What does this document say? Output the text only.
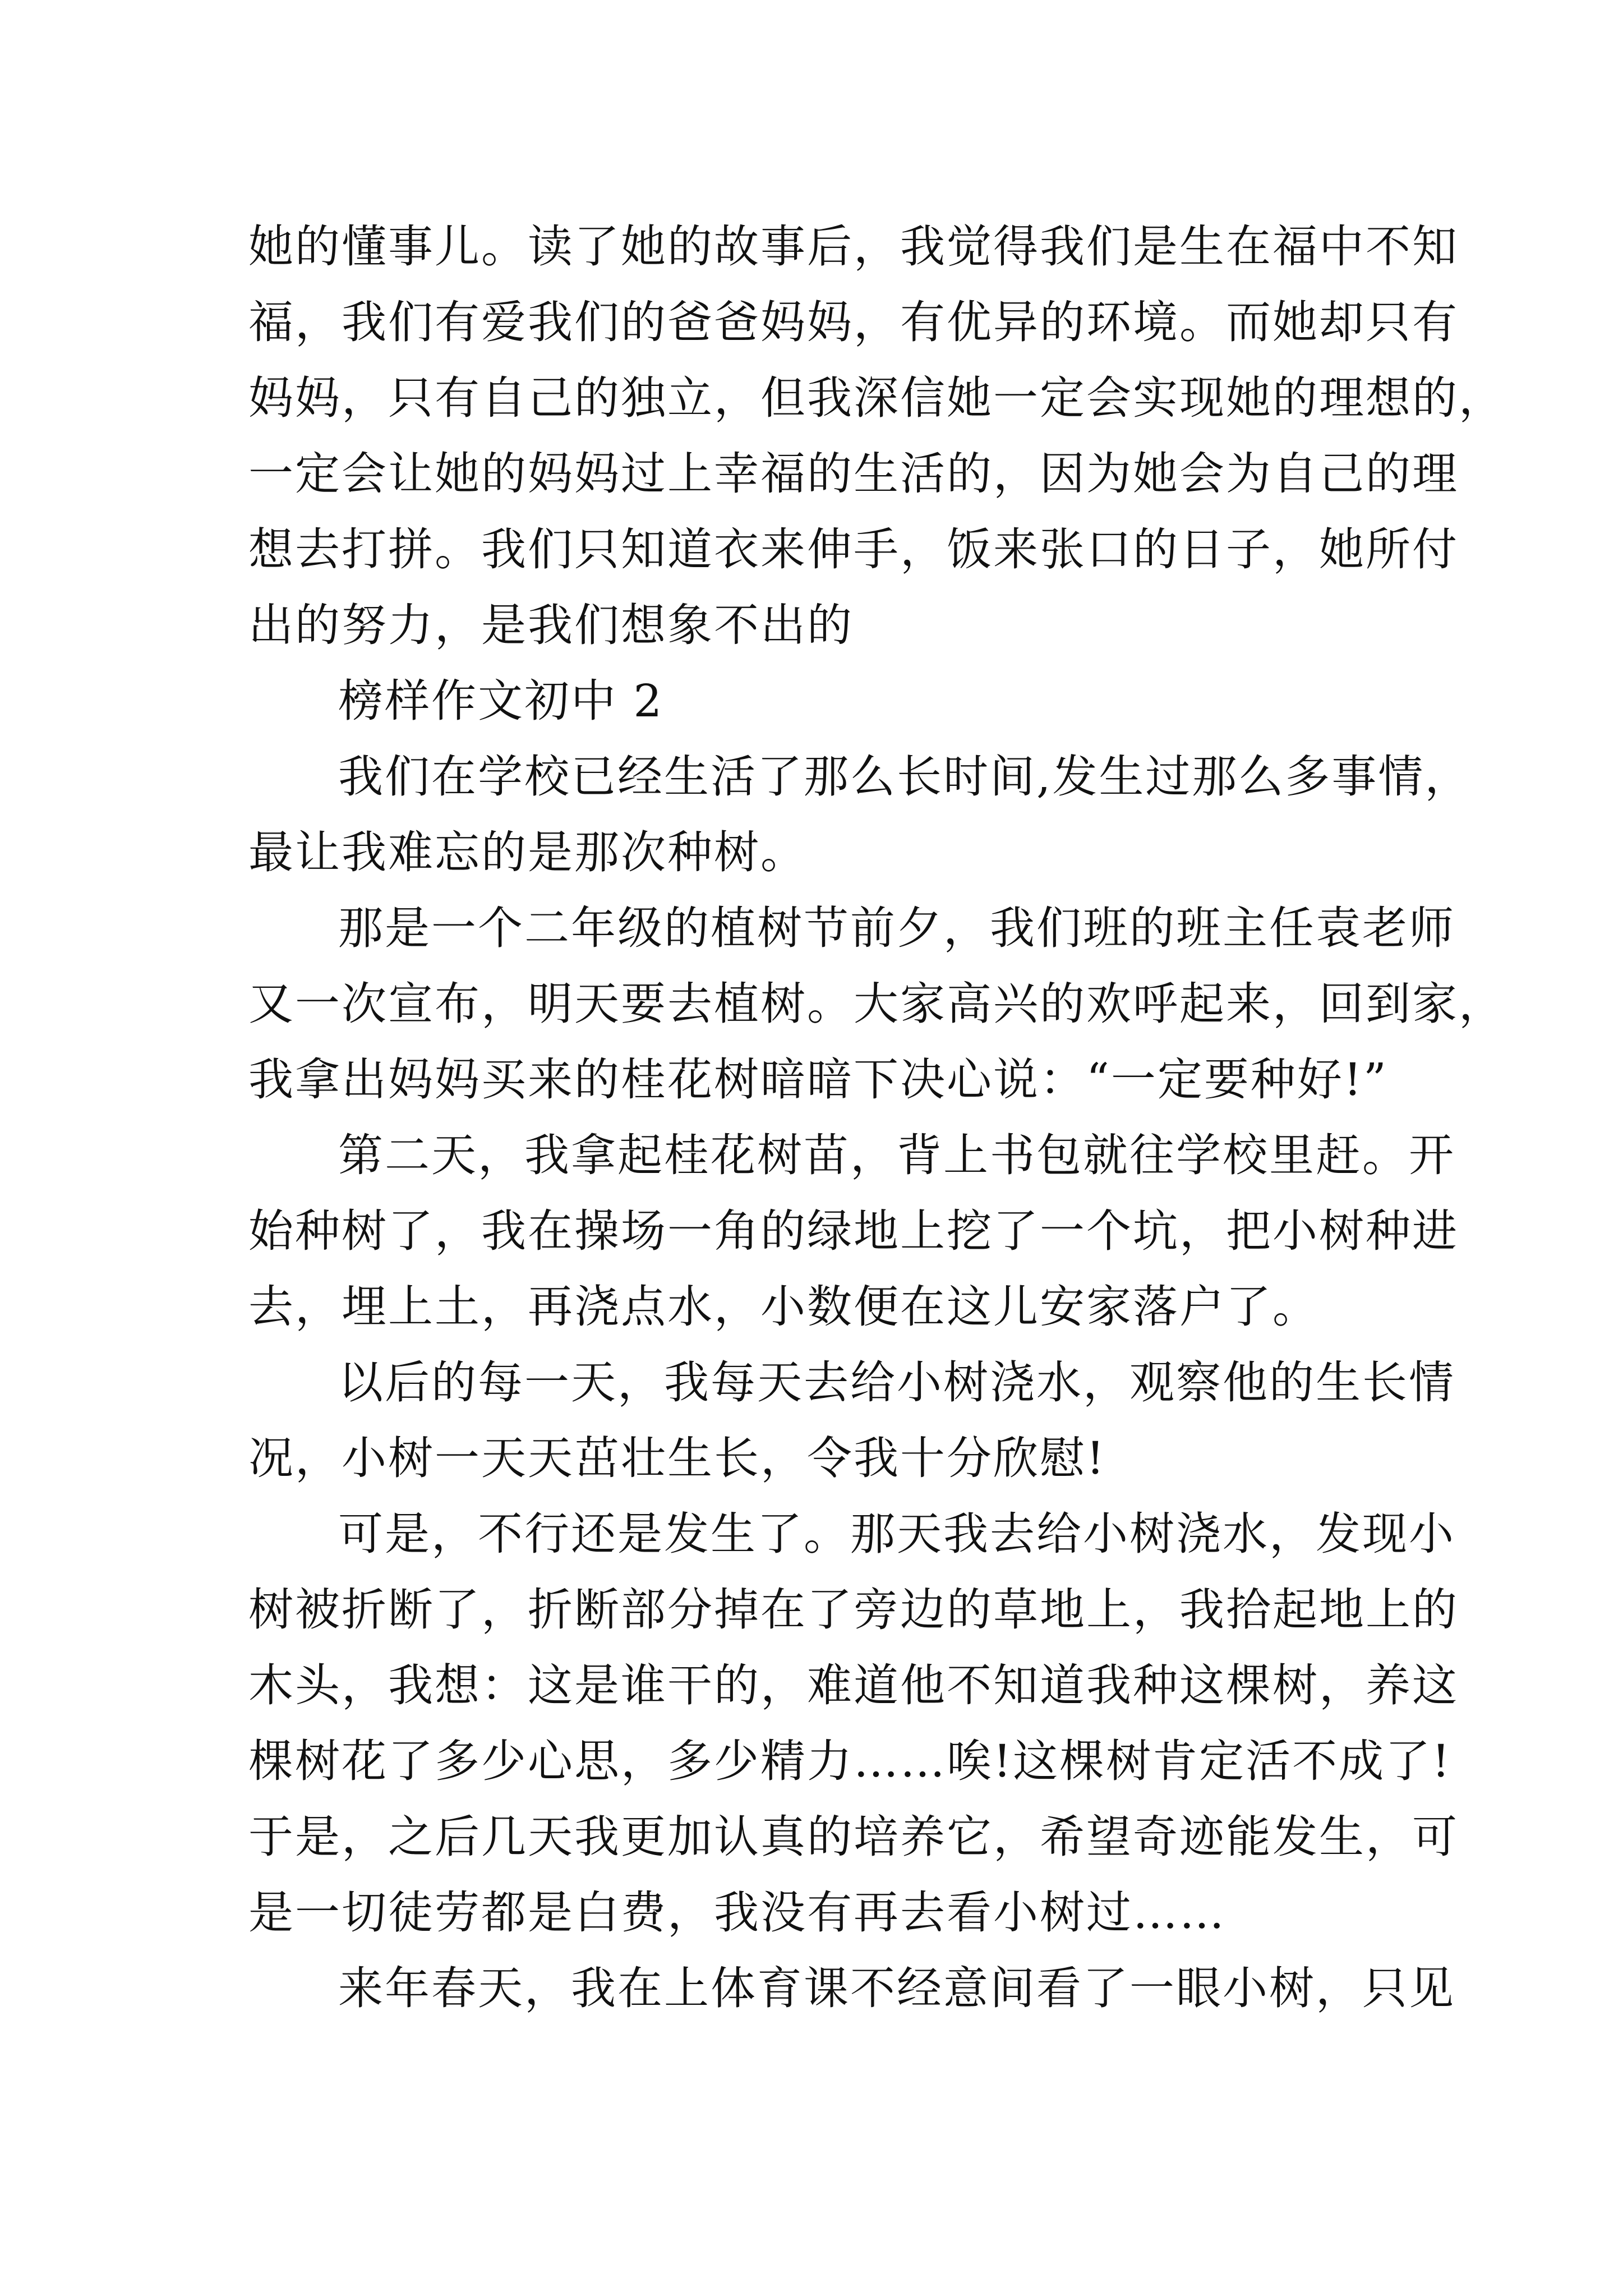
她的懂事儿。读了她的故事后，我觉得我们是生在福中不知
福，我们有爱我们的爸爸妈妈，有优异的环境。而她却只有
妈妈，只有自己的独立，但我深信她一定会实现她的理想的，
一定会让她的妈妈过上幸福的生活的，因为她会为自己的理
想去打拼。我们只知道衣来伸手，饭来张口的日子，她所付
出的努力，是我们想象不出的
榜样作文初中 2
我们在学校已经生活了那么长时间,发生过那么多事情，
最让我难忘的是那次种树。
那是一个二年级的植树节前夕，我们班的班主任袁老师
又一次宣布，明天要去植树。大家高兴的欢呼起来，回到家，
我拿出妈妈买来的桂花树暗暗下决心说：“一定要种好!”
第二天，我拿起桂花树苗，背上书包就往学校里赶。开
始种树了，我在操场一角的绿地上挖了一个坑，把小树种进
去，埋上土，再浇点水，小数便在这儿安家落户了。
以后的每一天，我每天去给小树浇水，观察他的生长情
况，小树一天天茁壮生长，令我十分欣慰!
可是，不行还是发生了。那天我去给小树浇水，发现小
树被折断了，折断部分掉在了旁边的草地上，我拾起地上的
木头，我想：这是谁干的，难道他不知道我种这棵树，养这
棵树花了多少心思，多少精力……唉!这棵树肯定活不成了!
于是，之后几天我更加认真的培养它，希望奇迹能发生，可
是一切徒劳都是白费，我没有再去看小树过……
来年春天，我在上体育课不经意间看了一眼小树，只见
